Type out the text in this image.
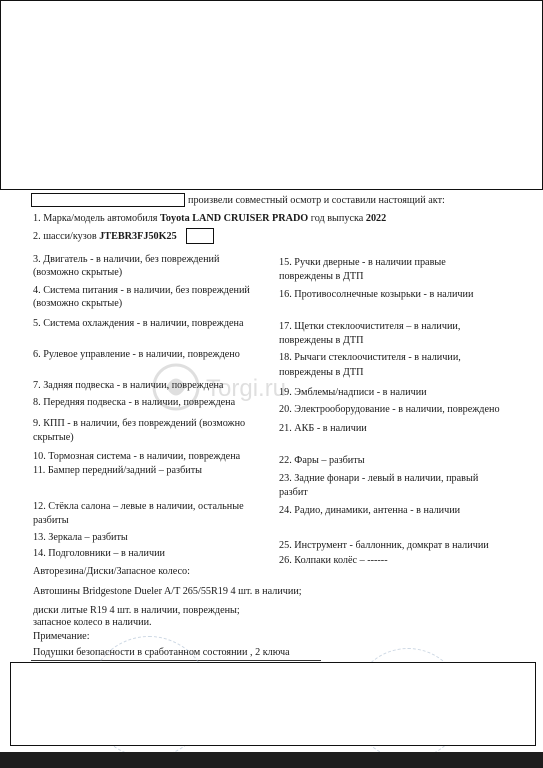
произвели совместный осмотр и составили настоящий акт:
1. Марка/модель автомобиля Toyota LAND CRUISER PRADO год выпуска 2022
2. шасси/кузов JTEBR3FJ50K25
3. Двигатель - в наличии, без повреждений
(возможно скрытые)
4. Система питания - в наличии, без повреждений
(возможно скрытые)
5. Система охлаждения - в наличии, повреждена
6. Рулевое управление - в наличии, повреждено
7. Задняя подвеска - в наличии, повреждена
8. Передняя подвеска - в наличии, повреждена
9. КПП - в наличии, без повреждений (возможно
скрытые)
10. Тормозная система - в наличии, повреждена
11. Бампер передний/задний – разбиты
12. Стёкла салона – левые в наличии, остальные
разбиты
13. Зеркала – разбиты
14. Подголовники – в наличии
15. Ручки дверные - в наличии правые
повреждены в ДТП
16. Противосолнечные козырьки - в наличии
17. Щетки стеклоочистителя – в наличии,
повреждены в ДТП
18. Рычаги стеклоочистителя - в наличии,
повреждены в ДТП
19. Эмблемы/надписи - в наличии
20. Электрооборудование - в наличии, повреждено
21. АКБ - в наличии
22. Фары – разбиты
23. Задние фонари - левый в наличии, правый
разбит
24. Радио, динамики, антенна - в наличии
25. Инструмент - баллонник, домкрат в наличии
26. Колпаки колёс – ------
Авторезина/Диски/Запасное колесо:
Автошины Bridgestone Dueler A/T 265/55R19 4 шт. в наличии;
диски литые R19 4 шт. в наличии, повреждены;
запасное колесо в наличии.
Примечание:
Подушки безопасности в сработанном состоянии , 2 ключа
Torgi.ru
